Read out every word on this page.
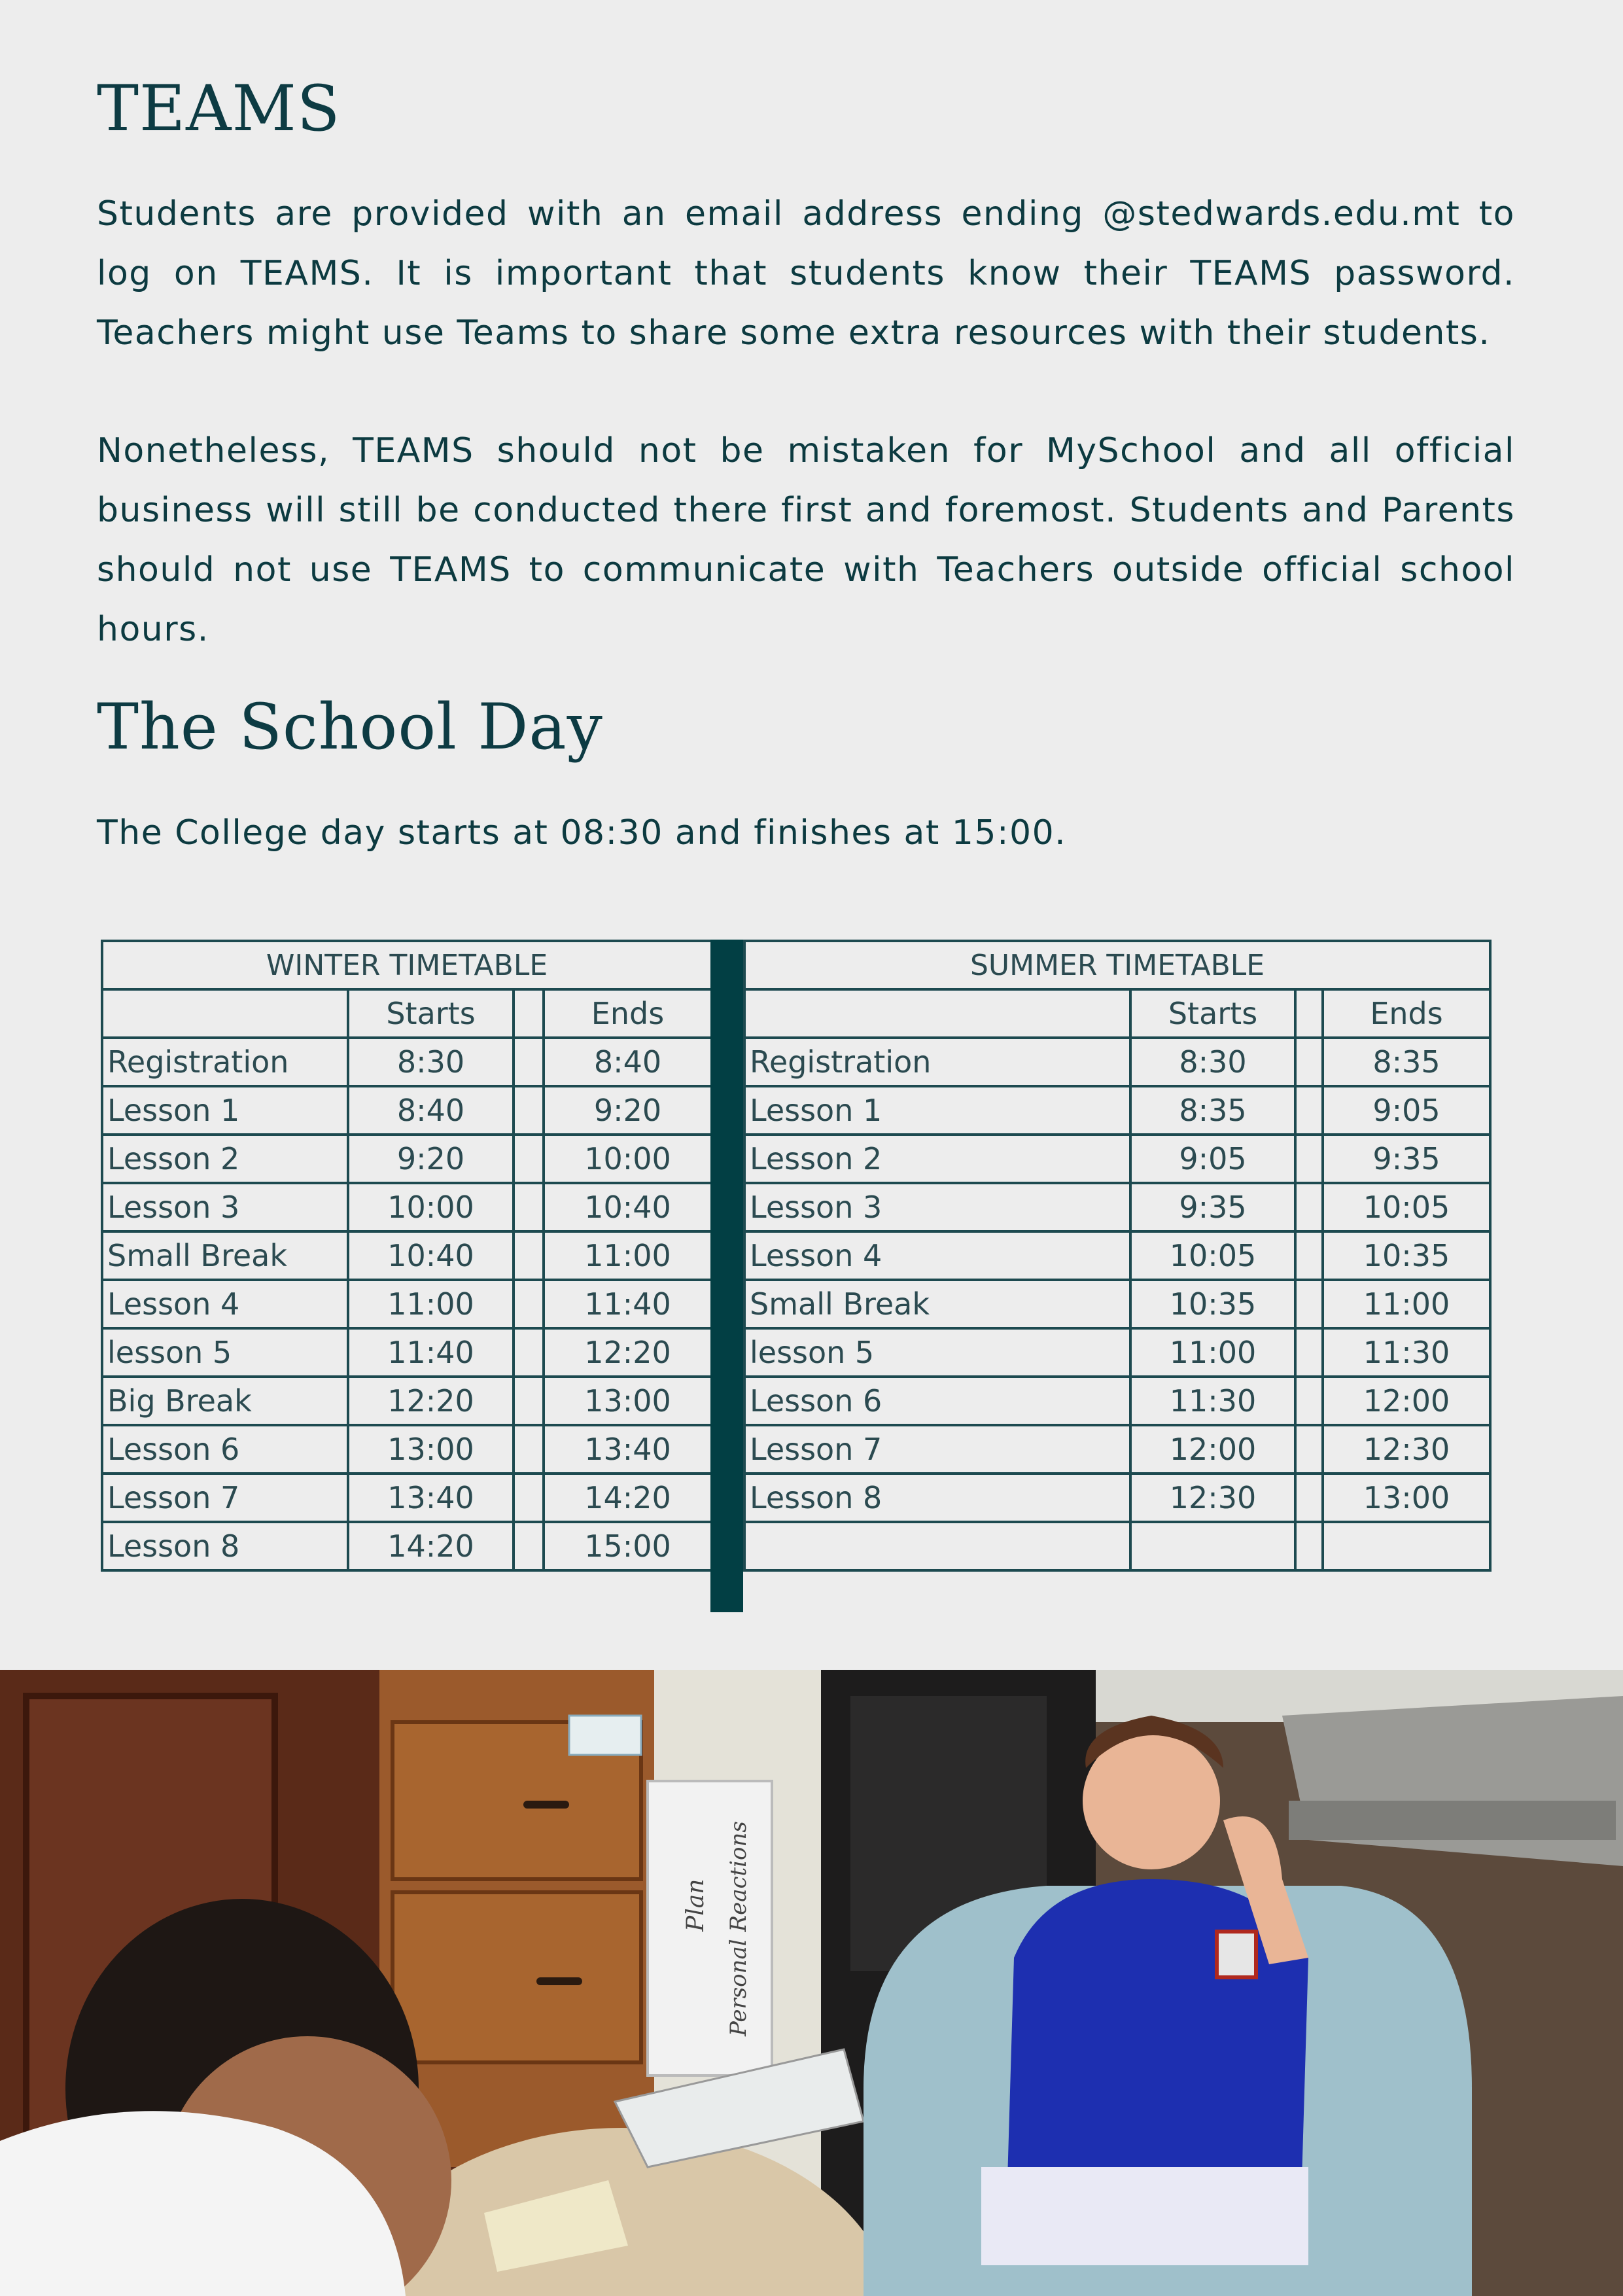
TEAMS

Students are provided with an email address ending @stedwards.edu.mt to log on TEAMS. It is important that students know their TEAMS password. Teachers might use Teams to share some extra resources with their students.

Nonetheless, TEAMS should not be mistaken for MySchool and all official business will still be conducted there first and foremost. Students and Parents should not use TEAMS to communicate with Teachers outside official school hours.

The School Day

The College day starts at 08:30 and finishes at 15:00.

WINTER TIMETABLE			
	Starts		Ends
Registration	8:30		8:40
Lesson 1	8:40		9:20
Lesson 2	9:20		10:00
Lesson 3	10:00		10:40
Small Break	10:40		11:00
Lesson 4	11:00		11:40
lesson 5	11:40		12:20
Big Break	12:20		13:00
Lesson 6	13:00		13:40
Lesson 7	13:40		14:20
Lesson 8	14:20		15:00
SUMMER TIMETABLE			
	Starts		Ends
Registration	8:30		8:35
Lesson 1	8:35		9:05
Lesson 2	9:05		9:35
Lesson 3	9:35		10:05
Lesson 4	10:05		10:35
Small Break	10:35		11:00
lesson 5	11:00		11:30
Lesson 6	11:30		12:00
Lesson 7	12:00		12:30
Lesson 8	12:30		13:00

Plan Personal Reactions
